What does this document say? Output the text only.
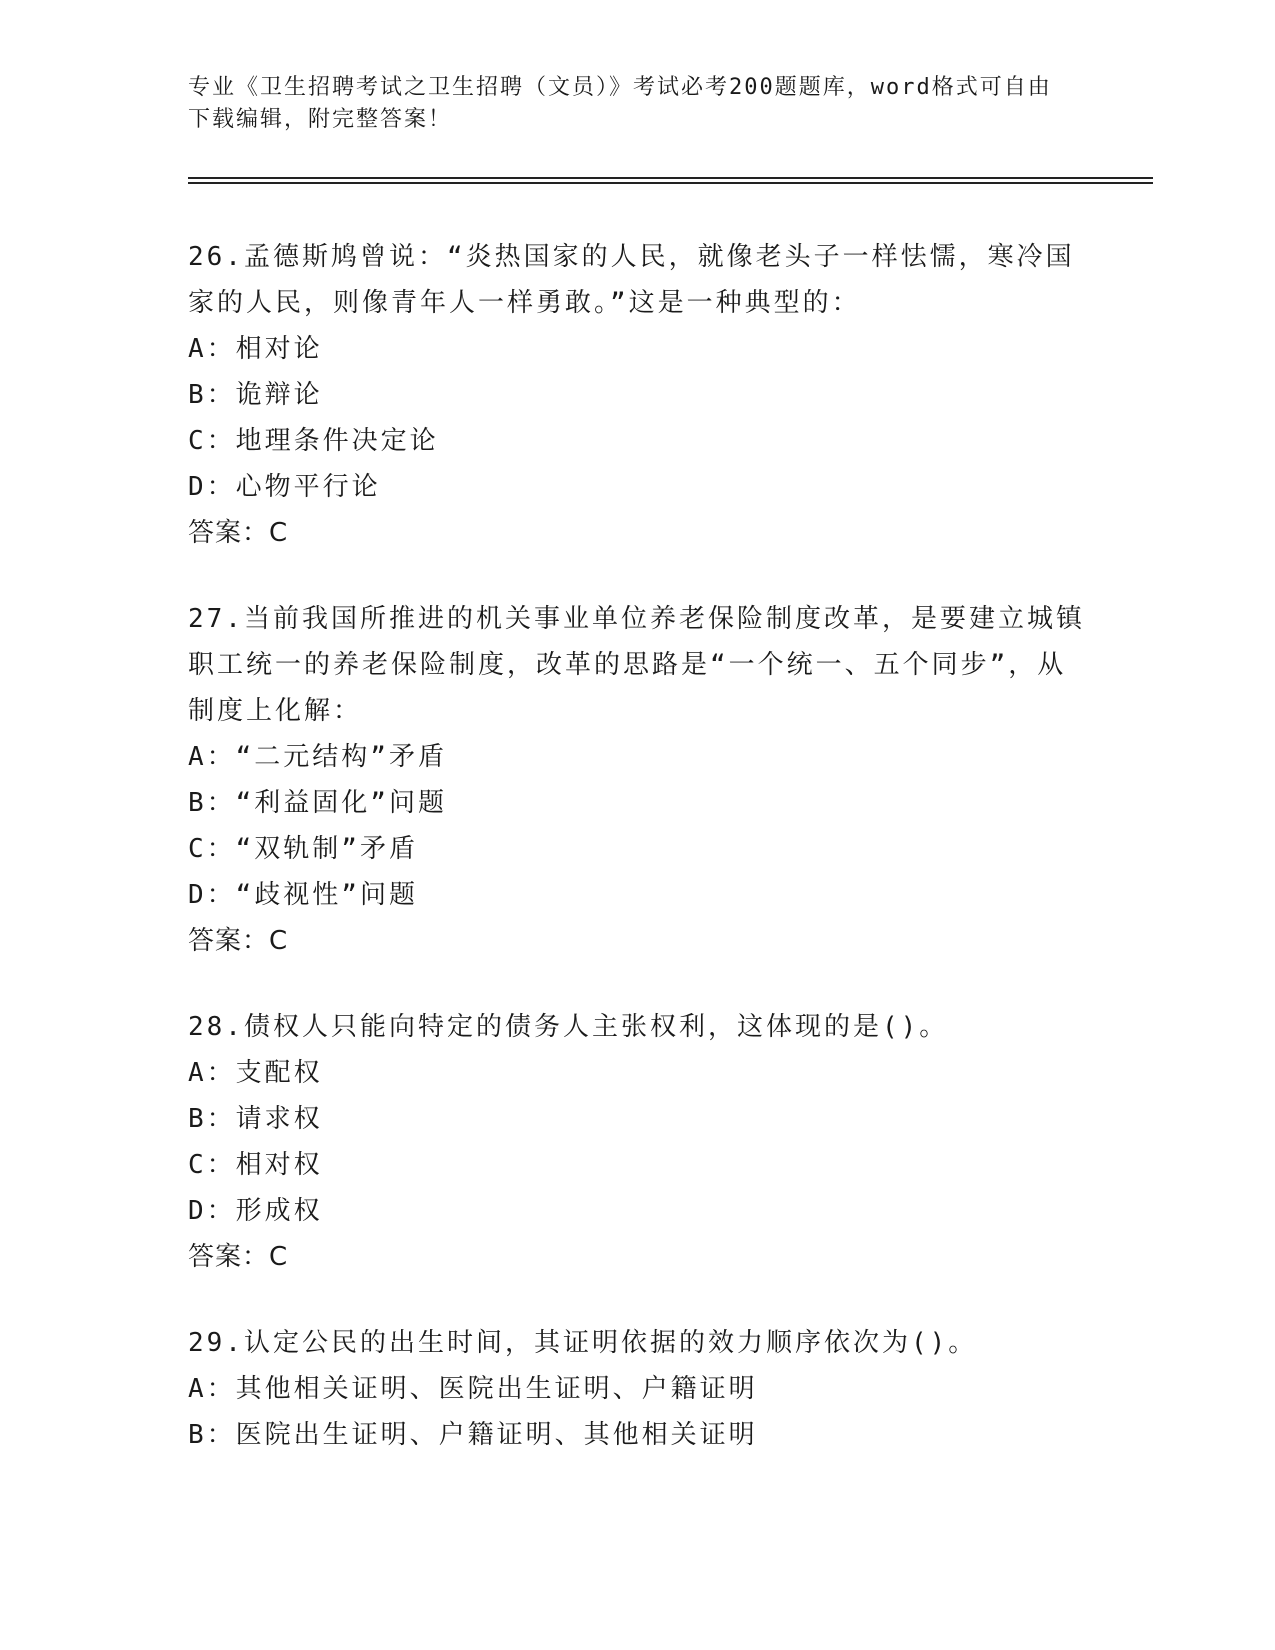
专业《卫生招聘考试之卫生招聘（文员）》考试必考200题题库，word格式可自由下载编辑，附完整答案！
26.孟德斯鸠曾说：“炎热国家的人民，就像老头子一样怯懦，寒冷国家的人民，则像青年人一样勇敢。”这是一种典型的：
A：相对论
B：诡辩论
C：地理条件决定论
D：心物平行论
答案：C
27.当前我国所推进的机关事业单位养老保险制度改革，是要建立城镇职工统一的养老保险制度，改革的思路是“一个统一、五个同步”，从制度上化解：
A：“二元结构”矛盾
B：“利益固化”问题
C：“双轨制”矛盾
D：“歧视性”问题
答案：C
28.债权人只能向特定的债务人主张权利，这体现的是()。
A：支配权
B：请求权
C：相对权
D：形成权
答案：C
29.认定公民的出生时间，其证明依据的效力顺序依次为()。
A：其他相关证明、医院出生证明、户籍证明
B：医院出生证明、户籍证明、其他相关证明
